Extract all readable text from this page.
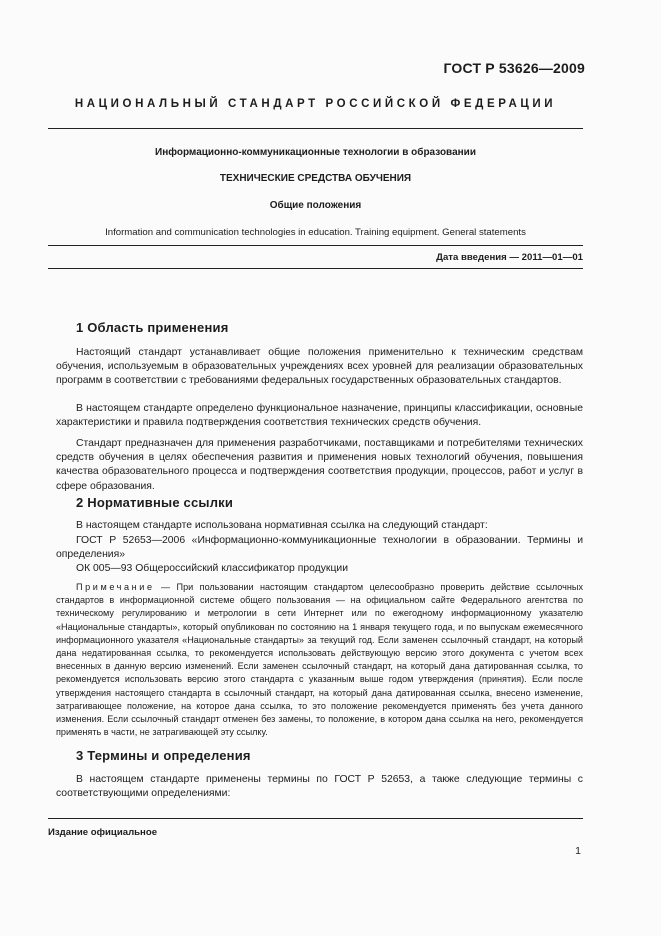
ГОСТ Р 53626—2009
НАЦИОНАЛЬНЫЙ СТАНДАРТ РОССИЙСКОЙ ФЕДЕРАЦИИ
Информационно-коммуникационные технологии в образовании
ТЕХНИЧЕСКИЕ СРЕДСТВА ОБУЧЕНИЯ
Общие положения
Information and communication technologies in education. Training equipment. General statements
Дата введения — 2011—01—01
1 Область применения
Настоящий стандарт устанавливает общие положения применительно к техническим средствам обучения, используемым в образовательных учреждениях всех уровней для реализации образовательных программ в соответствии с требованиями федеральных государственных образовательных стандартов.
В настоящем стандарте определено функциональное назначение, принципы классификации, основные характеристики и правила подтверждения соответствия технических средств обучения.
Стандарт предназначен для применения разработчиками, поставщиками и потребителями технических средств обучения в целях обеспечения развития и применения новых технологий обучения, повышения качества образовательного процесса и подтверждения соответствия продукции, процессов, работ и услуг в сфере образования.
2 Нормативные ссылки
В настоящем стандарте использована нормативная ссылка на следующий стандарт:
ГОСТ Р 52653—2006 «Информационно-коммуникационные технологии в образовании. Термины и определения»
ОК 005—93 Общероссийский классификатор продукции
Примечание — При пользовании настоящим стандартом целесообразно проверить действие ссылочных стандартов в информационной системе общего пользования — на официальном сайте Федерального агентства по техническому регулированию и метрологии в сети Интернет или по ежегодному информационному указателю «Национальные стандарты», который опубликован по состоянию на 1 января текущего года, и по выпускам ежемесячного информационного указателя «Национальные стандарты» за текущий год. Если заменен ссылочный стандарт, на который дана недатированная ссылка, то рекомендуется использовать действующую версию этого документа с учетом всех внесенных в данную версию изменений. Если заменен ссылочный стандарт, на который дана датированная ссылка, то рекомендуется использовать версию этого стандарта с указанным выше годом утверждения (принятия). Если после утверждения настоящего стандарта в ссылочный стандарт, на который дана датированная ссылка, внесено изменение, затрагивающее положение, на которое дана ссылка, то это положение рекомендуется применять без учета данного изменения. Если ссылочный стандарт отменен без замены, то положение, в котором дана ссылка на него, рекомендуется применять в части, не затрагивающей эту ссылку.
3 Термины и определения
В настоящем стандарте применены термины по ГОСТ Р 52653, а также следующие термины с соответствующими определениями:
Издание официальное
1
